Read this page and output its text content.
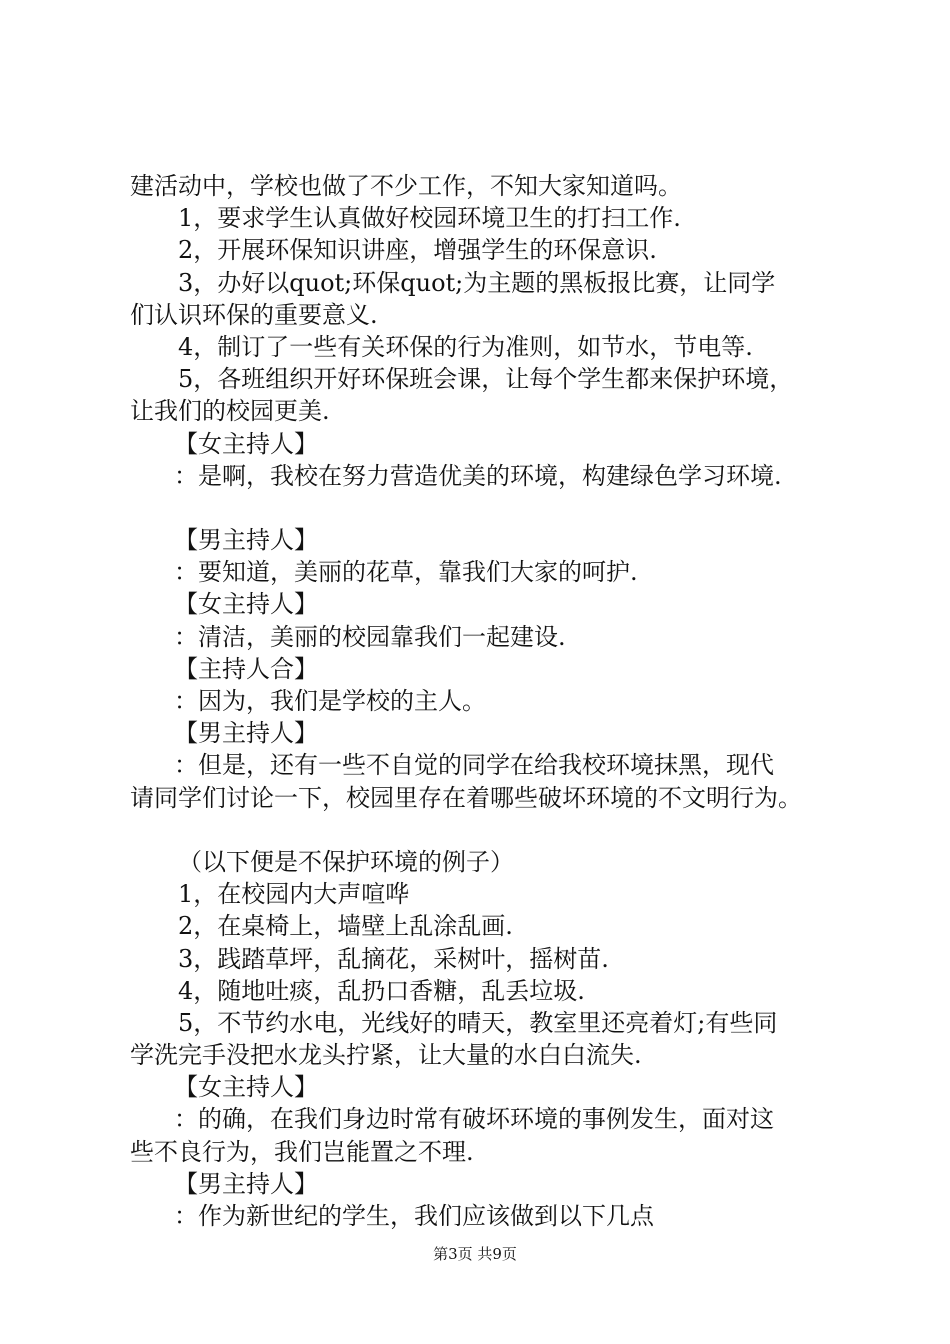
建活动中，学校也做了不少工作，不知大家知道吗。

1，要求学生认真做好校园环境卫生的打扫工作.

2，开展环保知识讲座，增强学生的环保意识.

3，办好以quot;环保quot;为主题的黑板报比赛，让同学

们认识环保的重要意义.

4，制订了一些有关环保的行为准则，如节水，节电等.

5，各班组织开好环保班会课，让每个学生都来保护环境，

让我们的校园更美.

【女主持人】

：是啊，我校在努力营造优美的环境，构建绿色学习环境.

【男主持人】

：要知道，美丽的花草，靠我们大家的呵护.

【女主持人】

：清洁，美丽的校园靠我们一起建设.

【主持人合】

：因为，我们是学校的主人。

【男主持人】

：但是，还有一些不自觉的同学在给我校环境抹黑，现代

请同学们讨论一下，校园里存在着哪些破坏环境的不文明行为。

（以下便是不保护环境的例子）

1，在校园内大声喧哗

2，在桌椅上，墙壁上乱涂乱画.

3，践踏草坪，乱摘花，采树叶，摇树苗.

4，随地吐痰，乱扔口香糖，乱丢垃圾.

5，不节约水电，光线好的晴天，教室里还亮着灯;有些同

学洗完手没把水龙头拧紧，让大量的水白白流失.

【女主持人】

：的确，在我们身边时常有破坏环境的事例发生，面对这

些不良行为，我们岂能置之不理.

【男主持人】

：作为新世纪的学生，我们应该做到以下几点

第3页 共9页
